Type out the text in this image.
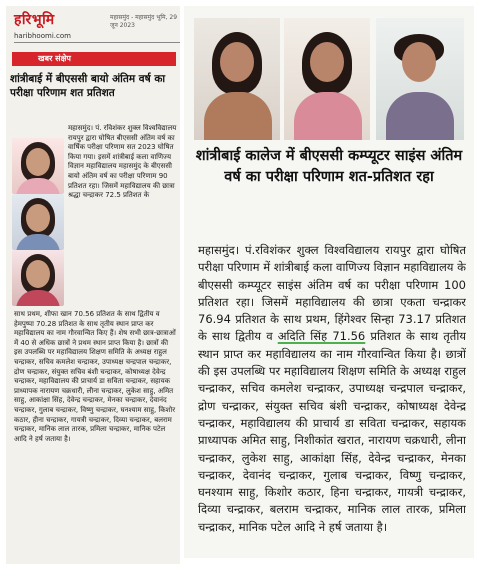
हरिभूमि	महासमुंद - महासमुंद भूमि, 29 जून 2023
haribhoomi.com
खबर संक्षेप
शांत्रीबाई में बीएससी बायो अंतिम वर्ष का परीक्षा परिणाम शत प्रतिशत
महासमुंद। पं. रविशंकर शुक्ल विश्वविद्यालय रायपुर द्वारा घोषित बीएससी अंतिम वर्ष का वार्षिक परीक्षा परिणाम सत 2023 घोषित किया गया। इसमें शांत्रीबाई कला वाणिज्य विज्ञान महाविद्यालय महासमुंद के बीएससी बायो अंतिम वर्ष का परीक्षा परिणाम 90 प्रतिशत रहा। जिसमें महाविद्यालय की छात्रा श्रद्धा चन्द्राकर 72.5 प्रतिशत के
साथ प्रथम, शीफा खान 70.56 प्रतिशत के साथ द्वितीय व हेमपुष्पा 70.28 प्रतिशत के साथ तृतीय स्थान प्राप्त कर महाविद्यालय का नाम गौरवान्वित किए हैं। शेष सभी छात्र-छात्राओं में 40 से अधिक छात्रों ने प्रथम स्थान प्राप्त किया है। छात्रों की इस उपलब्धि पर महाविद्यालय शिक्षण समिति के अध्यक्ष राहुल चन्द्राकर, सचिव कमलेश चन्द्राकर, उपाध्यक्ष चन्द्रपाल चन्द्राकर, द्रोण चन्द्राकर, संयुक्त सचिव बंशी चन्द्राकर, कोषाध्यक्ष देवेन्द्र चन्द्राकर, महाविद्यालय की प्राचार्य डा सविता चन्द्राकर, सहायक प्राध्यापक नारायण चक्रधारी, लीना चन्द्राकर, लुकेश साहु, अमित साहु, आकांक्षा सिंह, देवेन्द्र चन्द्राकर, मेनका चन्द्राकर, देवानंद चन्द्राकर, गुलाब चन्द्राकर, विष्णु चन्द्राकर, घनश्याम साहु, किशोर कठार, हीना चन्द्राकर, गायत्री चन्द्राकर, दिव्या चन्द्राकर, बलराम चन्द्राकर, मानिक लाल तारक, प्रमिला चन्द्राकर, मानिक पटेल आदि ने हर्ष जताया है।
शांत्रीबाई कालेज में बीएससी कम्प्यूटर साइंस अंतिम वर्ष का परीक्षा परिणाम शत-प्रतिशत रहा
महासमुंद। पं.रविशंकर शुक्ल विश्वविद्यालय रायपुर द्वारा घोषित परीक्षा परिणाम में शांत्रीबाई कला वाणिज्य विज्ञान महाविद्यालय के बीएससी कम्प्यूटर साइंस अंतिम वर्ष का परीक्षा परिणाम 100 प्रतिशत रहा। जिसमें महाविद्यालय की छात्रा एकता चन्द्राकर 76.94 प्रतिशत के साथ प्रथम, हिंगेश्वर सिन्हा 73.17 प्रतिशत के साथ द्वितीय व अदिति सिंह 71.56 प्रतिशत के साथ तृतीय स्थान प्राप्त कर महाविद्यालय का नाम गौरवान्वित किया है। छात्रों की इस उपलब्धि पर महाविद्यालय शिक्षण समिति के अध्यक्ष राहुल चन्द्राकर, सचिव कमलेश चन्द्राकर, उपाध्यक्ष चन्द्रपाल चन्द्राकर, द्रोण चन्द्राकर, संयुक्त सचिव बंशी चन्द्राकर, कोषाध्यक्ष देवेन्द्र चन्द्राकर, महाविद्यालय की प्राचार्य डा सविता चन्द्राकर, सहायक प्राध्यापक अमित साहु, निशीकांत खरात, नारायण चक्रधारी, लीना चन्द्राकर, लुकेश साहु, आकांक्षा सिंह, देवेन्द्र चन्द्राकर, मेनका चन्द्राकर, देवानंद चन्द्राकर, गुलाब चन्द्राकर, विष्णु चन्द्राकर, घनश्याम साहु, किशोर कठार, हिना चन्द्राकर, गायत्री चन्द्राकर, दिव्या चन्द्राकर, बलराम चन्द्राकर, मानिक लाल तारक, प्रमिला चन्द्राकर, मानिक पटेल आदि ने हर्ष जताया है।
